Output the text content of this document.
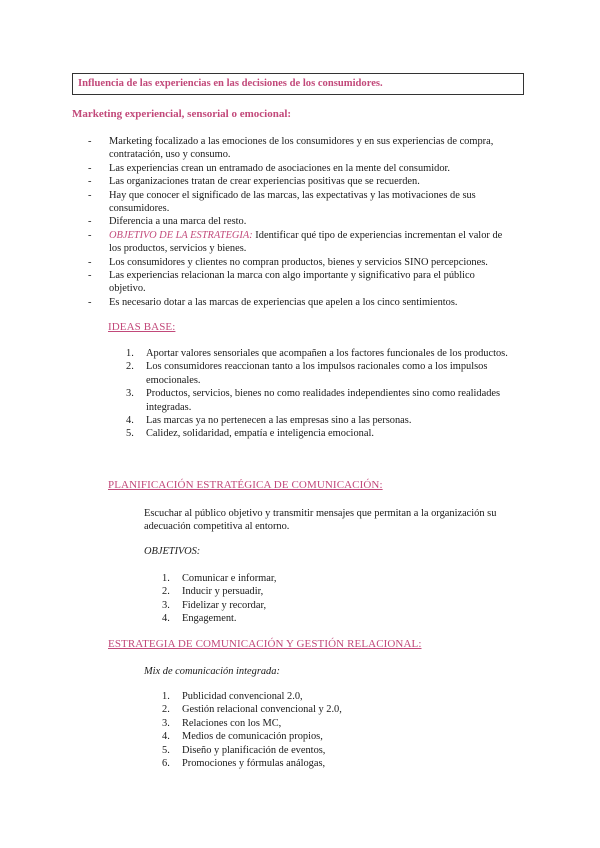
Influencia de las experiencias en las decisiones de los consumidores.
Marketing experiencial, sensorial o emocional:
- Marketing focalizado a las emociones de los consumidores y en sus experiencias de compra, contratación, uso y consumo.
- Las experiencias crean un entramado de asociaciones en la mente del consumidor.
- Las organizaciones tratan de crear experiencias positivas que se recuerden.
- Hay que conocer el significado de las marcas, las expectativas y las motivaciones de sus consumidores.
- Diferencia a una marca del resto.
- OBJETIVO DE LA ESTRATEGIA: Identificar qué tipo de experiencias incrementan el valor de los productos, servicios y bienes.
- Los consumidores y clientes no compran productos, bienes y servicios SINO percepciones.
- Las experiencias relacionan la marca con algo importante y significativo para el público objetivo.
- Es necesario dotar a las marcas de experiencias que apelen a los cinco sentimientos.
IDEAS BASE:
1. Aportar valores sensoriales que acompañen a los factores funcionales de los productos.
2. Los consumidores reaccionan tanto a los impulsos racionales como a los impulsos emocionales.
3. Productos, servicios, bienes no como realidades independientes sino como realidades integradas.
4. Las marcas ya no pertenecen a las empresas sino a las personas.
5. Calidez, solidaridad, empatía e inteligencia emocional.
PLANIFICACIÓN ESTRATÉGICA DE COMUNICACIÓN:
Escuchar al público objetivo y transmitir mensajes que permitan a la organización su adecuación competitiva al entorno.
OBJETIVOS:
1. Comunicar e informar,
2. Inducir y persuadir,
3. Fidelizar y recordar,
4. Engagement.
ESTRATEGIA DE COMUNICACIÓN Y GESTIÓN RELACIONAL:
Mix de comunicación integrada:
1. Publicidad convencional 2.0,
2. Gestión relacional convencional y 2.0,
3. Relaciones con los MC,
4. Medios de comunicación propios,
5. Diseño y planificación de eventos,
6. Promociones y fórmulas análogas,
